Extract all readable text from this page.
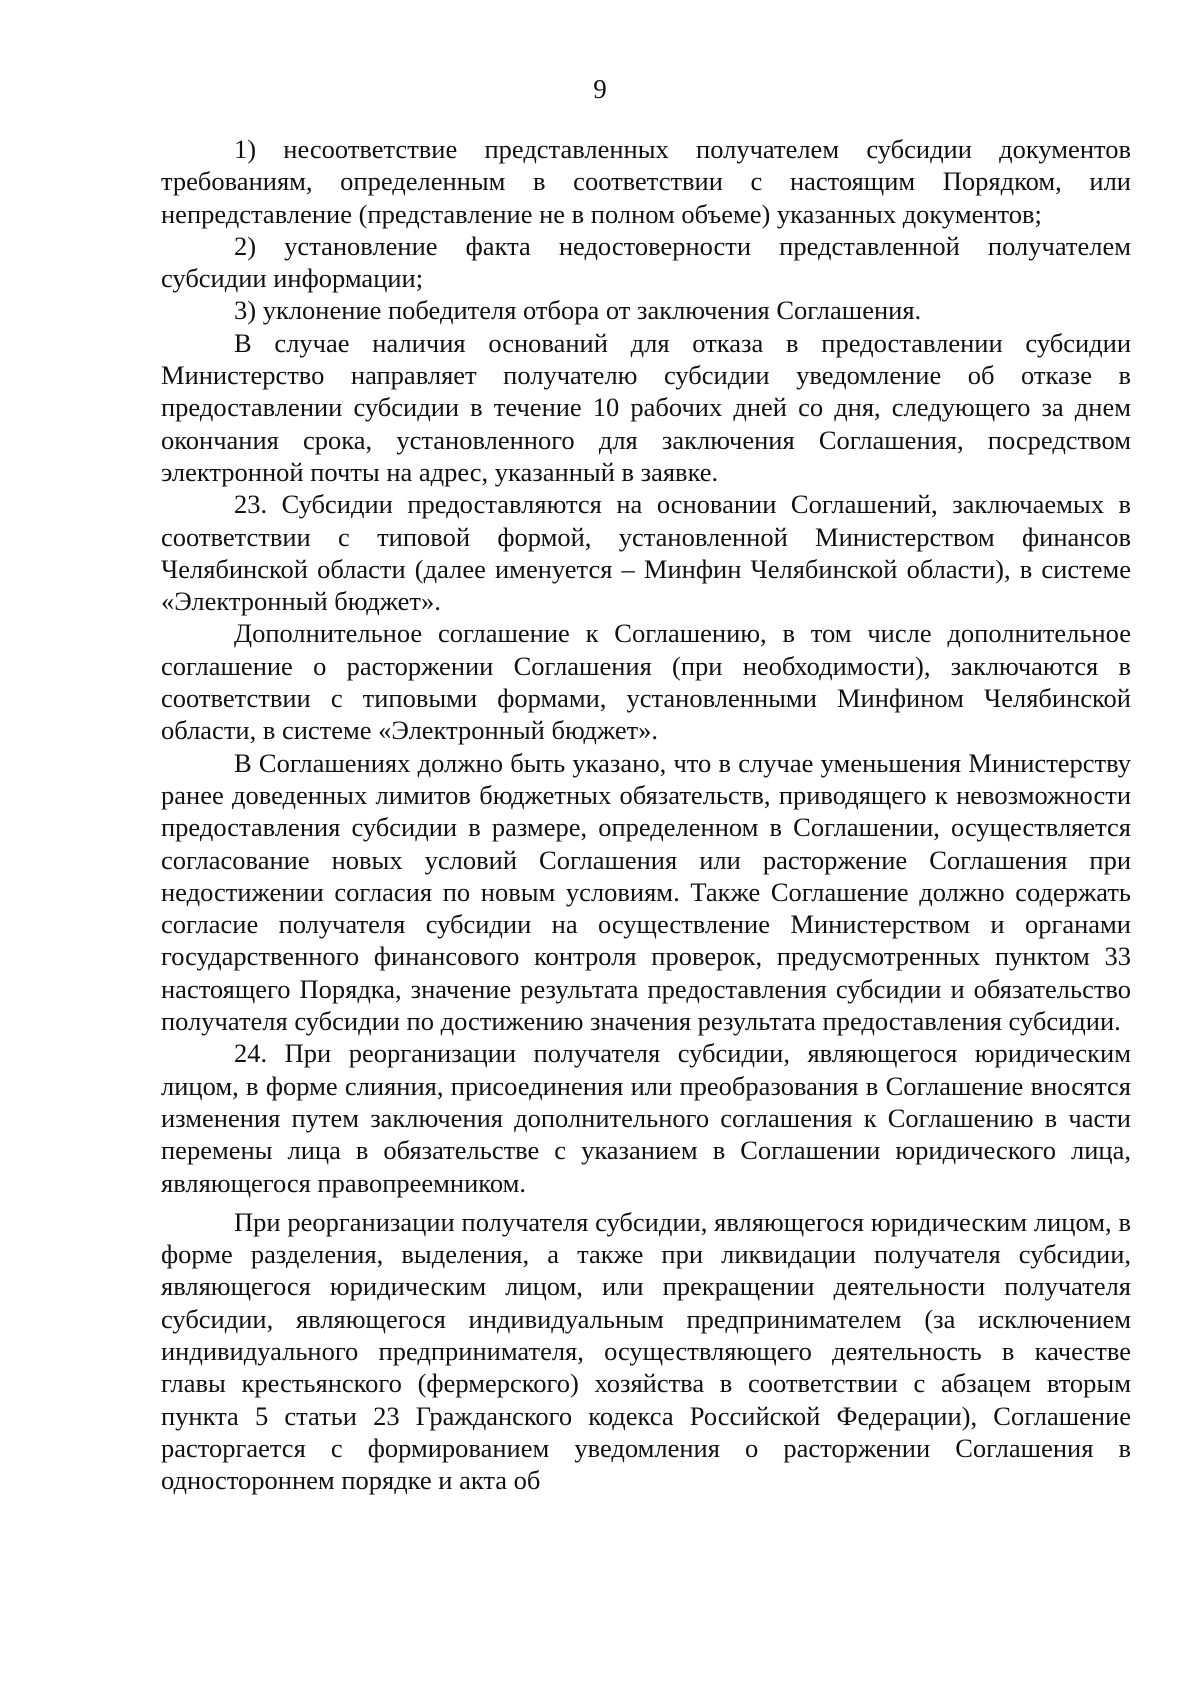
9

1) несоответствие представленных получателем субсидии документов требованиям, определенным в соответствии с настоящим Порядком, или непредставление (представление не в полном объеме) указанных документов;

2) установление факта недостоверности представленной получателем субсидии информации;

3) уклонение победителя отбора от заключения Соглашения.

В случае наличия оснований для отказа в предоставлении субсидии Министерство направляет получателю субсидии уведомление об отказе в предоставлении субсидии в течение 10 рабочих дней со дня, следующего за днем окончания срока, установленного для заключения Соглашения, посредством электронной почты на адрес, указанный в заявке.

23. Субсидии предоставляются на основании Соглашений, заключаемых в соответствии с типовой формой, установленной Министерством финансов Челябинской области (далее именуется – Минфин Челябинской области), в системе «Электронный бюджет».

Дополнительное соглашение к Соглашению, в том числе дополнительное соглашение о расторжении Соглашения (при необходимости), заключаются в соответствии с типовыми формами, установленными Минфином Челябинской области, в системе «Электронный бюджет».

В Соглашениях должно быть указано, что в случае уменьшения Министерству ранее доведенных лимитов бюджетных обязательств, приводящего к невозможности предоставления субсидии в размере, определенном в Соглашении, осуществляется согласование новых условий Соглашения или расторжение Соглашения при недостижении согласия по новым условиям. Также Соглашение должно содержать согласие получателя субсидии на осуществление Министерством и органами государственного финансового контроля проверок, предусмотренных пунктом 33 настоящего Порядка, значение результата предоставления субсидии и обязательство получателя субсидии по достижению значения результата предоставления субсидии.

24. При реорганизации получателя субсидии, являющегося юридическим лицом, в форме слияния, присоединения или преобразования в Соглашение вносятся изменения путем заключения дополнительного соглашения к Соглашению в части перемены лица в обязательстве с указанием в Соглашении юридического лица, являющегося правопреемником.

При реорганизации получателя субсидии, являющегося юридическим лицом, в форме разделения, выделения, а также при ликвидации получателя субсидии, являющегося юридическим лицом, или прекращении деятельности получателя субсидии, являющегося индивидуальным предпринимателем (за исключением индивидуального предпринимателя, осуществляющего деятельность в качестве главы крестьянского (фермерского) хозяйства в соответствии с абзацем вторым пункта 5 статьи 23 Гражданского кодекса Российской Федерации), Соглашение расторгается с формированием уведомления о расторжении Соглашения в одностороннем порядке и акта об
